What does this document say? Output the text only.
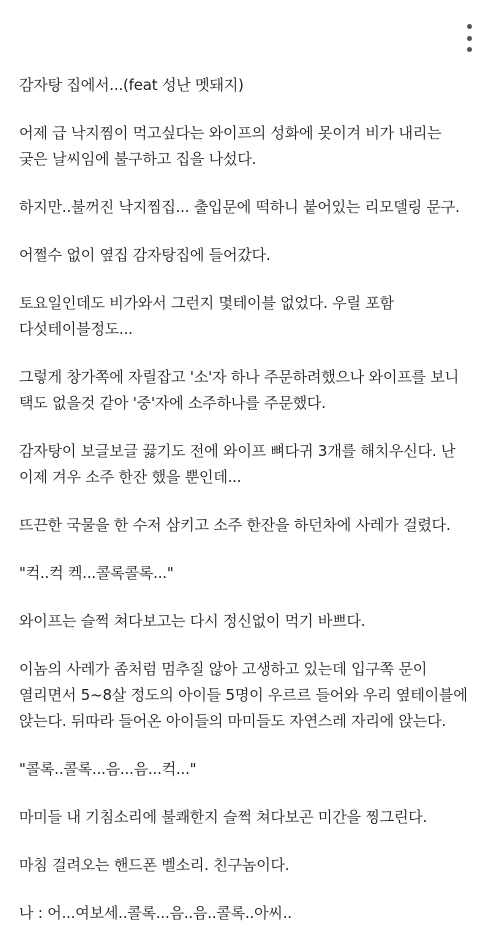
감자탕 집에서...(feat 성난 멧돼지)

어제 급 낙지찜이 먹고싶다는 와이프의 성화에 못이겨 비가 내리는
궂은 날씨임에 불구하고 집을 나섰다.

하지만..불꺼진 낙지찜집... 출입문에 떡하니 붙어있는 리모델링 문구.

어쩔수 없이 옆집 감자탕집에 들어갔다.

토요일인데도 비가와서 그런지 몇테이블 없었다. 우릴 포함
다섯테이블정도...

그렇게 창가쪽에 자릴잡고 '소'자 하나 주문하려했으나 와이프를 보니
택도 없을것 같아 '중'자에 소주하나를 주문했다.

감자탕이 보글보글 끓기도 전에 와이프 뼈다귀 3개를 해치우신다. 난
이제 겨우 소주 한잔 했을 뿐인데...

뜨끈한 국물을 한 수저 삼키고 소주 한잔을 하던차에 사레가 걸렸다.

"컥..컥 켁...콜록콜록..."

와이프는 슬쩍 쳐다보고는 다시 정신없이 먹기 바쁘다.

이놈의 사레가 좀처럼 멈추질 않아 고생하고 있는데 입구쪽 문이
열리면서 5~8살 정도의 아이들 5명이 우르르 들어와 우리 옆테이블에
앉는다. 뒤따라 들어온 아이들의 마미들도 자연스레 자리에 앉는다.

"콜록..콜록...음...음...컥..."

마미들 내 기침소리에 불쾌한지 슬쩍 쳐다보곤 미간을 찡그린다.

마침 걸려오는 핸드폰 벨소리. 친구놈이다.

나 : 어...여보세..콜록...음..음..콜록..아씨..
